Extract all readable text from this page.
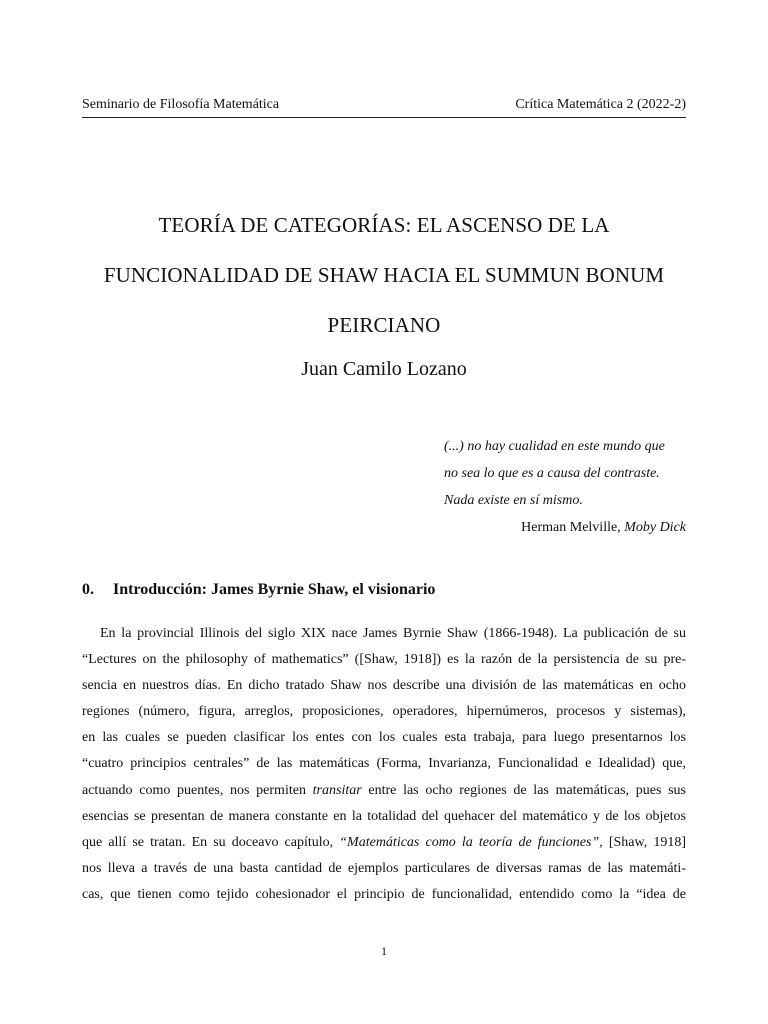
Seminario de Filosofía Matemática	Crítica Matemática 2 (2022-2)
TEORÍA DE CATEGORÍAS: EL ASCENSO DE LA
FUNCIONALIDAD DE SHAW HACIA EL SUMMUN BONUM
PEIRCIANO
Juan Camilo Lozano
(...) no hay cualidad en este mundo que
no sea lo que es a causa del contraste.
Nada existe en sí mismo.
Herman Melville, Moby Dick
0. Introducción: James Byrnie Shaw, el visionario
En la provincial Illinois del siglo XIX nace James Byrnie Shaw (1866-1948). La publicación de su
“Lectures on the philosophy of mathematics” ([Shaw, 1918]) es la razón de la persistencia de su pre-
sencia en nuestros días. En dicho tratado Shaw nos describe una división de las matemáticas en ocho
regiones (número, figura, arreglos, proposiciones, operadores, hipernúmeros, procesos y sistemas),
en las cuales se pueden clasificar los entes con los cuales esta trabaja, para luego presentarnos los
“cuatro principios centrales” de las matemáticas (Forma, Invarianza, Funcionalidad e Idealidad) que,
actuando como puentes, nos permiten transitar entre las ocho regiones de las matemáticas, pues sus
esencias se presentan de manera constante en la totalidad del quehacer del matemático y de los objetos
que allí se tratan. En su doceavo capítulo, “Matemáticas como la teoría de funciones”, [Shaw, 1918]
nos lleva a través de una basta cantidad de ejemplos particulares de diversas ramas de las matemáti-
cas, que tienen como tejido cohesionador el principio de funcionalidad, entendido como la “idea de
1
